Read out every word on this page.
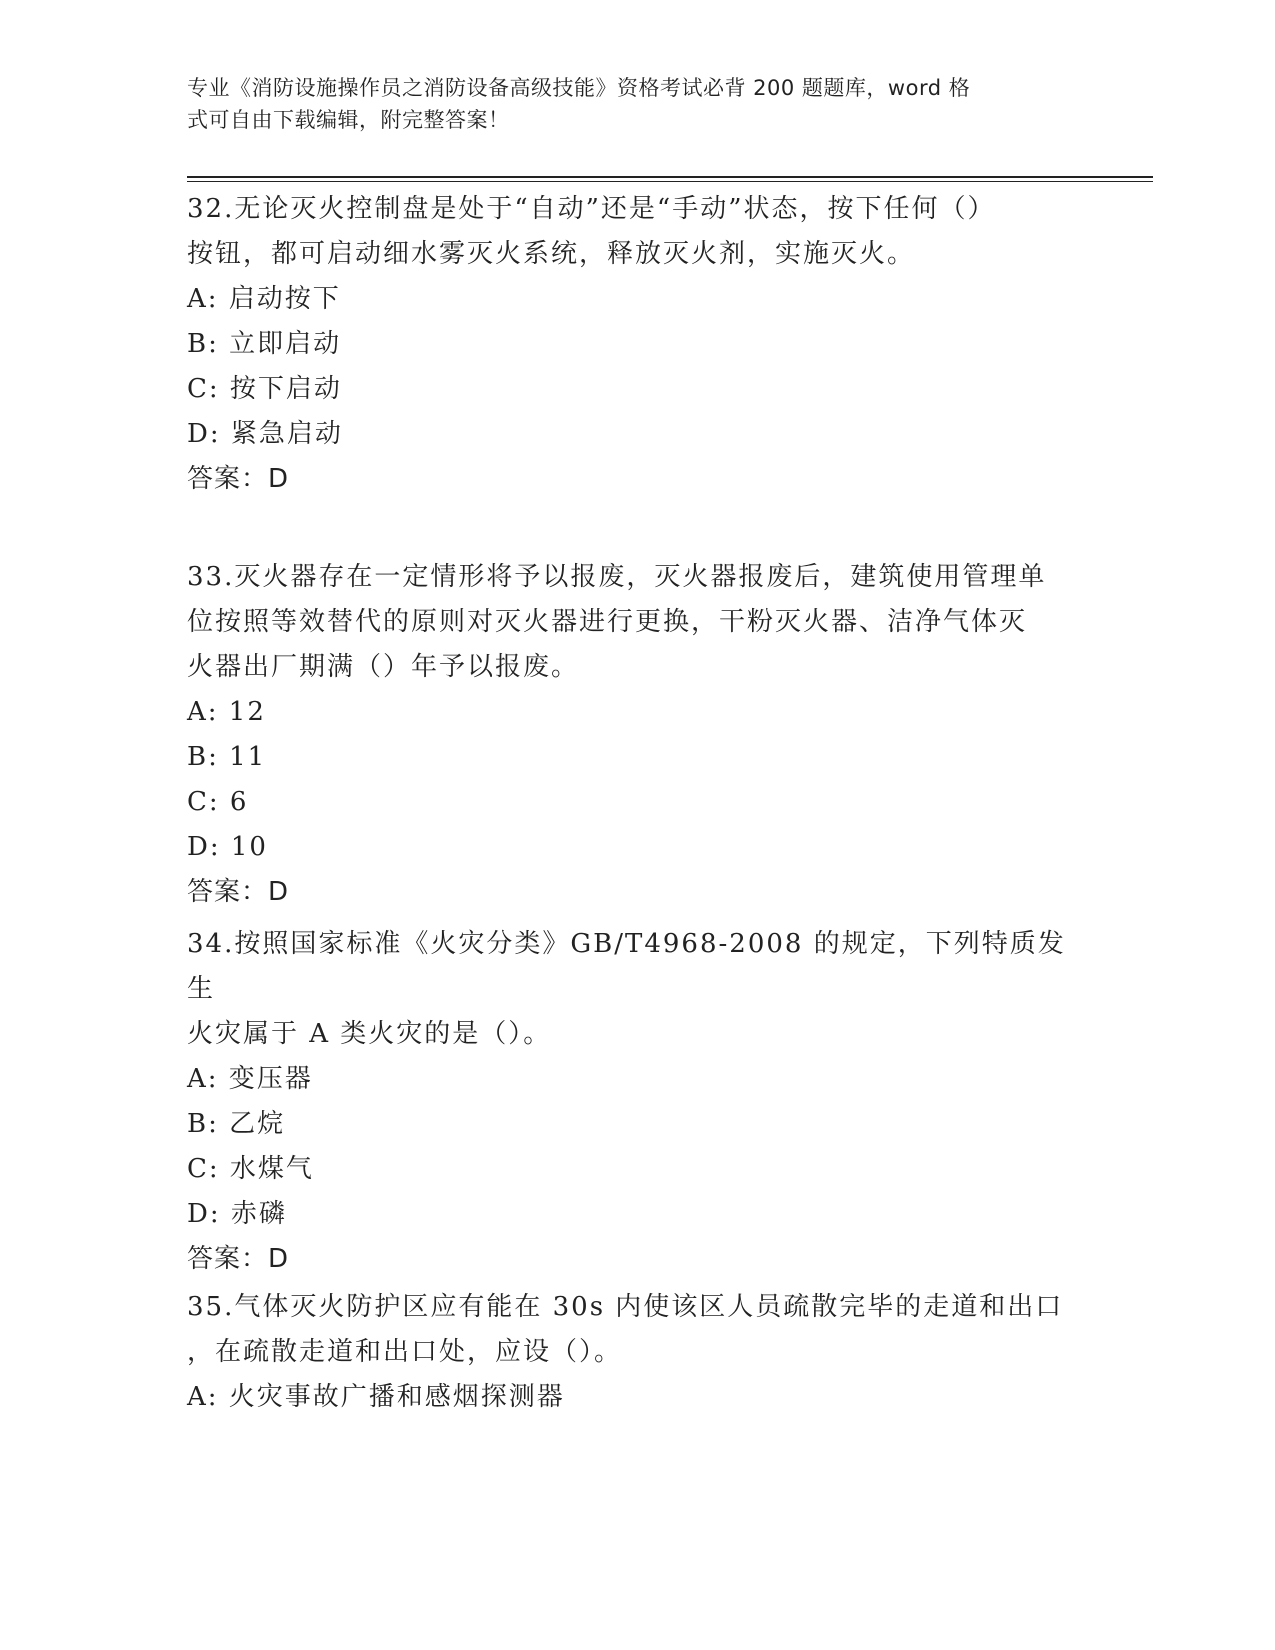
专业《消防设施操作员之消防设备高级技能》资格考试必背 200 题题库，word 格
式可自由下载编辑，附完整答案！

32.无论灭火控制盘是处于“自动”还是“手动”状态，按下任何（）

按钮，都可启动细水雾灭火系统，释放灭火剂，实施灭火。

A: 启动按下

B: 立即启动

C: 按下启动

D: 紧急启动

答案：D

33.灭火器存在一定情形将予以报废，灭火器报废后，建筑使用管理单

位按照等效替代的原则对灭火器进行更换，干粉灭火器、洁净气体灭

火器出厂期满（）年予以报废。

A: 12

B: 11

C: 6

D: 10

答案：D

34.按照国家标准《火灾分类》GB/T4968-2008 的规定，下列特质发生

火灾属于 A 类火灾的是（）。

A: 变压器

B: 乙烷

C: 水煤气

D: 赤磷

答案：D

35.气体灭火防护区应有能在 30s 内使该区人员疏散完毕的走道和出口

，在疏散走道和出口处，应设（）。

A: 火灾事故广播和感烟探测器
